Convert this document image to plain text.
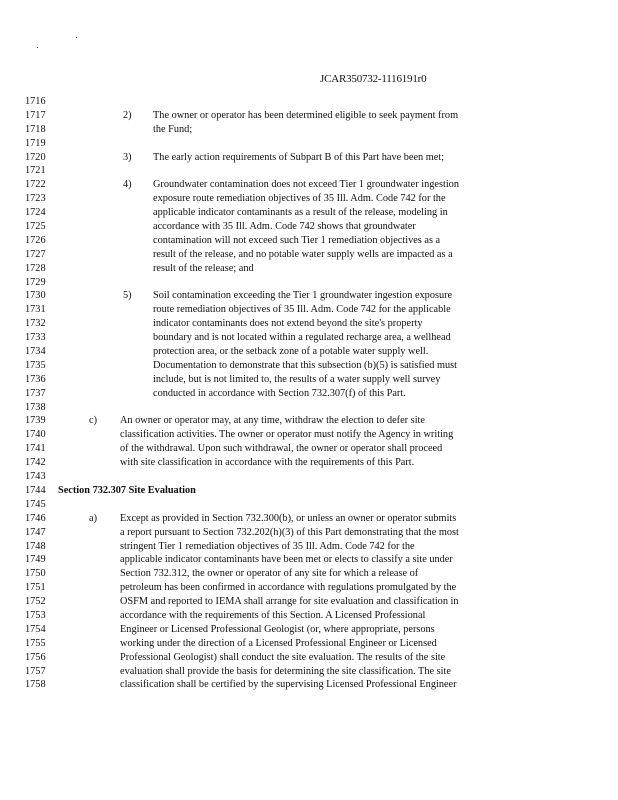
JCAR350732-1116191r0
1716
1717	2) The owner or operator has been determined eligible to seek payment from
1718	the Fund;
1719
1720	3) The early action requirements of Subpart B of this Part have been met;
1721
1722	4) Groundwater contamination does not exceed Tier 1 groundwater ingestion
1723	exposure route remediation objectives of 35 Ill. Adm. Code 742 for the
1724	applicable indicator contaminants as a result of the release, modeling in
1725	accordance with 35 Ill. Adm. Code 742 shows that groundwater
1726	contamination will not exceed such Tier 1 remediation objectives as a
1727	result of the release, and no potable water supply wells are impacted as a
1728	result of the release; and
1729
1730	5) Soil contamination exceeding the Tier 1 groundwater ingestion exposure
1731	route remediation objectives of 35 Ill. Adm. Code 742 for the applicable
1732	indicator contaminants does not extend beyond the site's property
1733	boundary and is not located within a regulated recharge area, a wellhead
1734	protection area, or the setback zone of a potable water supply well.
1735	Documentation to demonstrate that this subsection (b)(5) is satisfied must
1736	include, but is not limited to, the results of a water supply well survey
1737	conducted in accordance with Section 732.307(f) of this Part.
1738
1739	c) An owner or operator may, at any time, withdraw the election to defer site
1740	classification activities. The owner or operator must notify the Agency in writing
1741	of the withdrawal. Upon such withdrawal, the owner or operator shall proceed
1742	with site classification in accordance with the requirements of this Part.
1743
1744 Section 732.307 Site Evaluation
1745
1746	a) Except as provided in Section 732.300(b), or unless an owner or operator submits
1747	a report pursuant to Section 732.202(h)(3) of this Part demonstrating that the most
1748	stringent Tier 1 remediation objectives of 35 Ill. Adm. Code 742 for the
1749	applicable indicator contaminants have been met or elects to classify a site under
1750	Section 732.312, the owner or operator of any site for which a release of
1751	petroleum has been confirmed in accordance with regulations promulgated by the
1752	OSFM and reported to IEMA shall arrange for site evaluation and classification in
1753	accordance with the requirements of this Section. A Licensed Professional
1754	Engineer or Licensed Professional Geologist (or, where appropriate, persons
1755	working under the direction of a Licensed Professional Engineer or Licensed
1756	Professional Geologist) shall conduct the site evaluation. The results of the site
1757	evaluation shall provide the basis for determining the site classification. The site
1758	classification shall be certified by the supervising Licensed Professional Engineer
